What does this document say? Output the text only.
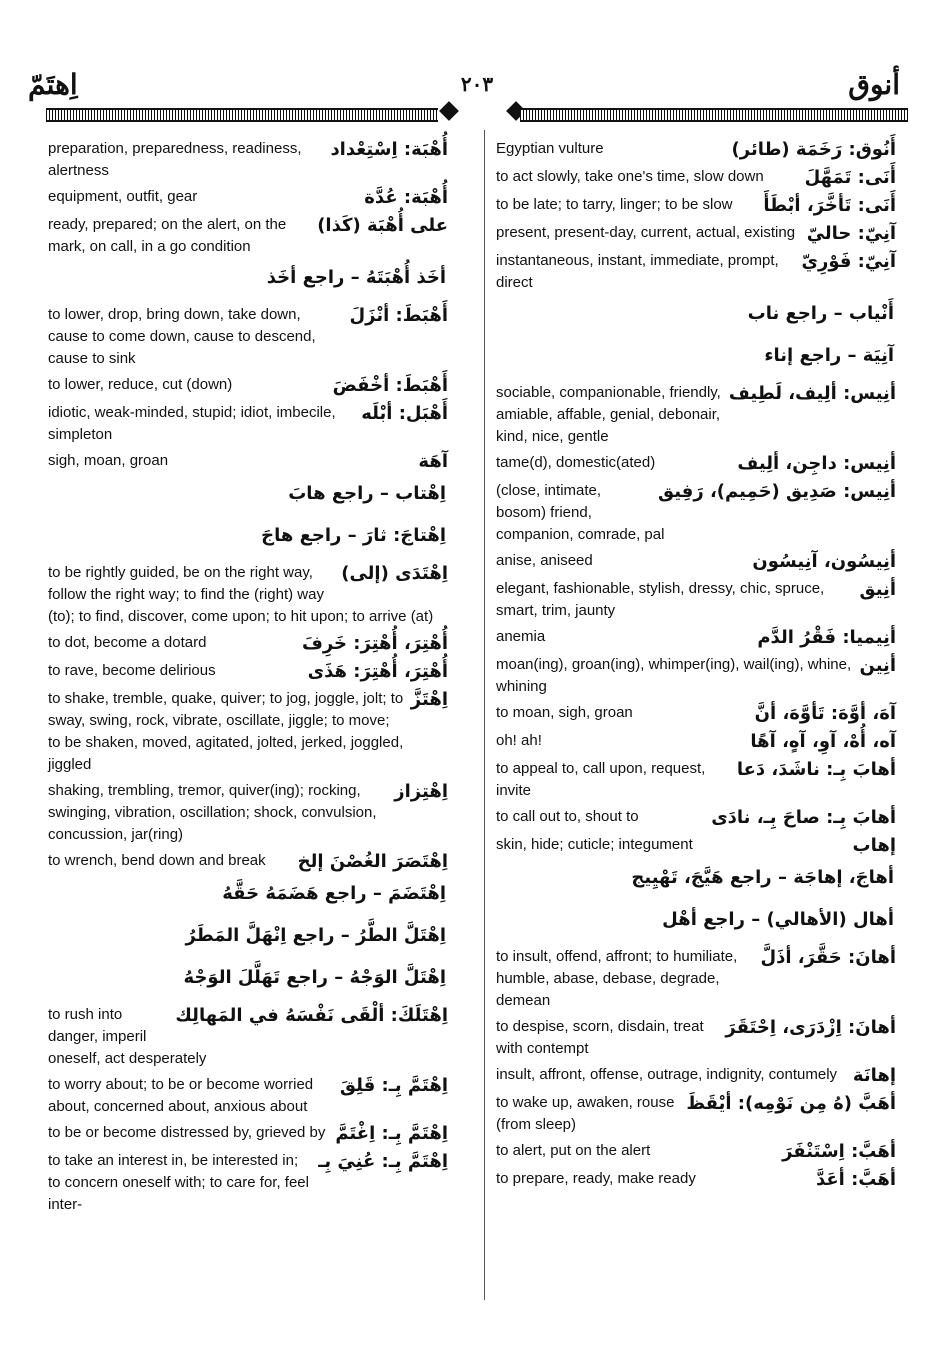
اِهتَمّ	٢٠٣	أنوق
أُهْبَة: اِسْتِعْداد
preparation, preparedness, readiness, alertness
أُهْبَة: عُدَّة
equipment, outfit, gear
على أُهْبَة (كَذا)
ready, prepared; on the alert, on the mark, on call, in a go condition
أخَذ أُهْبَتَهُ – راجع أخَذ
أَهْبَطَ: أنْزَلَ
to lower, drop, bring down, take down, cause to come down, cause to descend, cause to sink
أَهْبَطَ: أخْفَضَ
to lower, reduce, cut (down)
أَهْبَل: أبْلَه
idiotic, weak-minded, stupid; idiot, imbecile, simpleton
آهَة
sigh, moan, groan
اِهْتاب – راجع هابَ
اِهْتاجَ: ثارَ – راجع هاجَ
اِهْتَدَى (إلى)
to be rightly guided, be on the right way, follow the right way; to find the (right) way (to); to find, discover, come upon; to hit upon; to arrive (at)
أُهْتِرَ، أُهْتِرَ: خَرِفَ
to dot, become a dotard
أُهْتِرَ، أُهْتِرَ: هَذَى
to rave, become delirious
اِهْتَزَّ
to shake, tremble, quake, quiver; to jog, joggle, jolt; to sway, swing, rock, vibrate, oscillate, jiggle; to move; to be shaken, moved, agitated, jolted, jerked, joggled, jiggled
اِهْتِزاز
shaking, trembling, tremor, quiver(ing); rocking, swinging, vibration, oscillation; shock, convulsion, concussion, jar(ring)
اِهْتَصَرَ الغُصْنَ إلخ
to wrench, bend down and break
اِهْتَضَمَ – راجع هَضَمَهُ حَقَّهُ
اِهْتَلَّ الطَّرُ – راجع اِنْهَلَّ المَطَرُ
اِهْتَلَّ الوَجْهُ – راجع تَهَلَّلَ الوَجْهُ
اِهْتَلَكَ: ألْقَى نَفْسَهُ في المَهالِك
to rush into danger, imperil oneself, act desperately
اِهْتَمَّ بِـ: قَلِقَ
to worry about; to be or become worried about, concerned about, anxious about
اِهْتَمَّ بِـ: اِغْتَمَّ
to be or become distressed by, grieved by
اِهْتَمَّ بِـ: عُنِيَ بِـ
to take an interest in, be interested in; to concern oneself with; to care for, feel inter-
أَنُوق: رَخَمَة (طائر)
Egyptian vulture
أَنَى: تَمَهَّلَ
to act slowly, take one's time, slow down
أَنَى: تَأخَّرَ، أبْطَأَ
to be late; to tarry, linger; to be slow
آنِيّ: حاليّ
present, present-day, current, actual, existing
آنِيّ: فَوْرِيّ
instantaneous, instant, immediate, prompt, direct
أَنْياب – راجع ناب
آنِيَة – راجع إناء
أنِيس: ألِيف، لَطِيف
sociable, companionable, friendly, amiable, affable, genial, debonair, kind, nice, gentle
أنِيس: داجِن، ألِيف
tame(d), domestic(ated)
أنِيس: صَدِيق (حَمِيم)، رَفِيق
(close, intimate, bosom) friend, companion, comrade, pal
أنِيسُون، آنِيسُون
anise, aniseed
أنِيق
elegant, fashionable, stylish, dressy, chic, spruce, smart, trim, jaunty
أنِيميا: فَقْرُ الدَّم
anemia
أنِين
moan(ing), groan(ing), whimper(ing), wail(ing), whine, whining
آهَ، أوَّهَ: تَأوَّهَ، أنَّ
to moan, sigh, groan
آه، أُهْ، آوِ، آهٍ، آهًا
oh! ah!
أهابَ بِـ: ناشَدَ، دَعا
to appeal to, call upon, request, invite
أهابَ بِـ: صاحَ بِـ، نادَى
to call out to, shout to
إهاب
skin, hide; cuticle; integument
أهاجَ، إهاجَة – راجع هَيَّجَ، تَهْيِيج
أهال (الأهالي) – راجع أهْل
أهانَ: حَقَّرَ، أذَلَّ
to insult, offend, affront; to humiliate, humble, abase, debase, degrade, demean
أهانَ: اِزْدَرَى، اِحْتَقَرَ
to despise, scorn, disdain, treat with contempt
إهانَة
insult, affront, offense, outrage, indignity, contumely
أهَبَّ (هُ مِن نَوْمِه): أيْقَظَ
to wake up, awaken, rouse (from sleep)
أهَبَّ: اِسْتَنْفَرَ
to alert, put on the alert
أهَبَّ: أعَدَّ
to prepare, ready, make ready
